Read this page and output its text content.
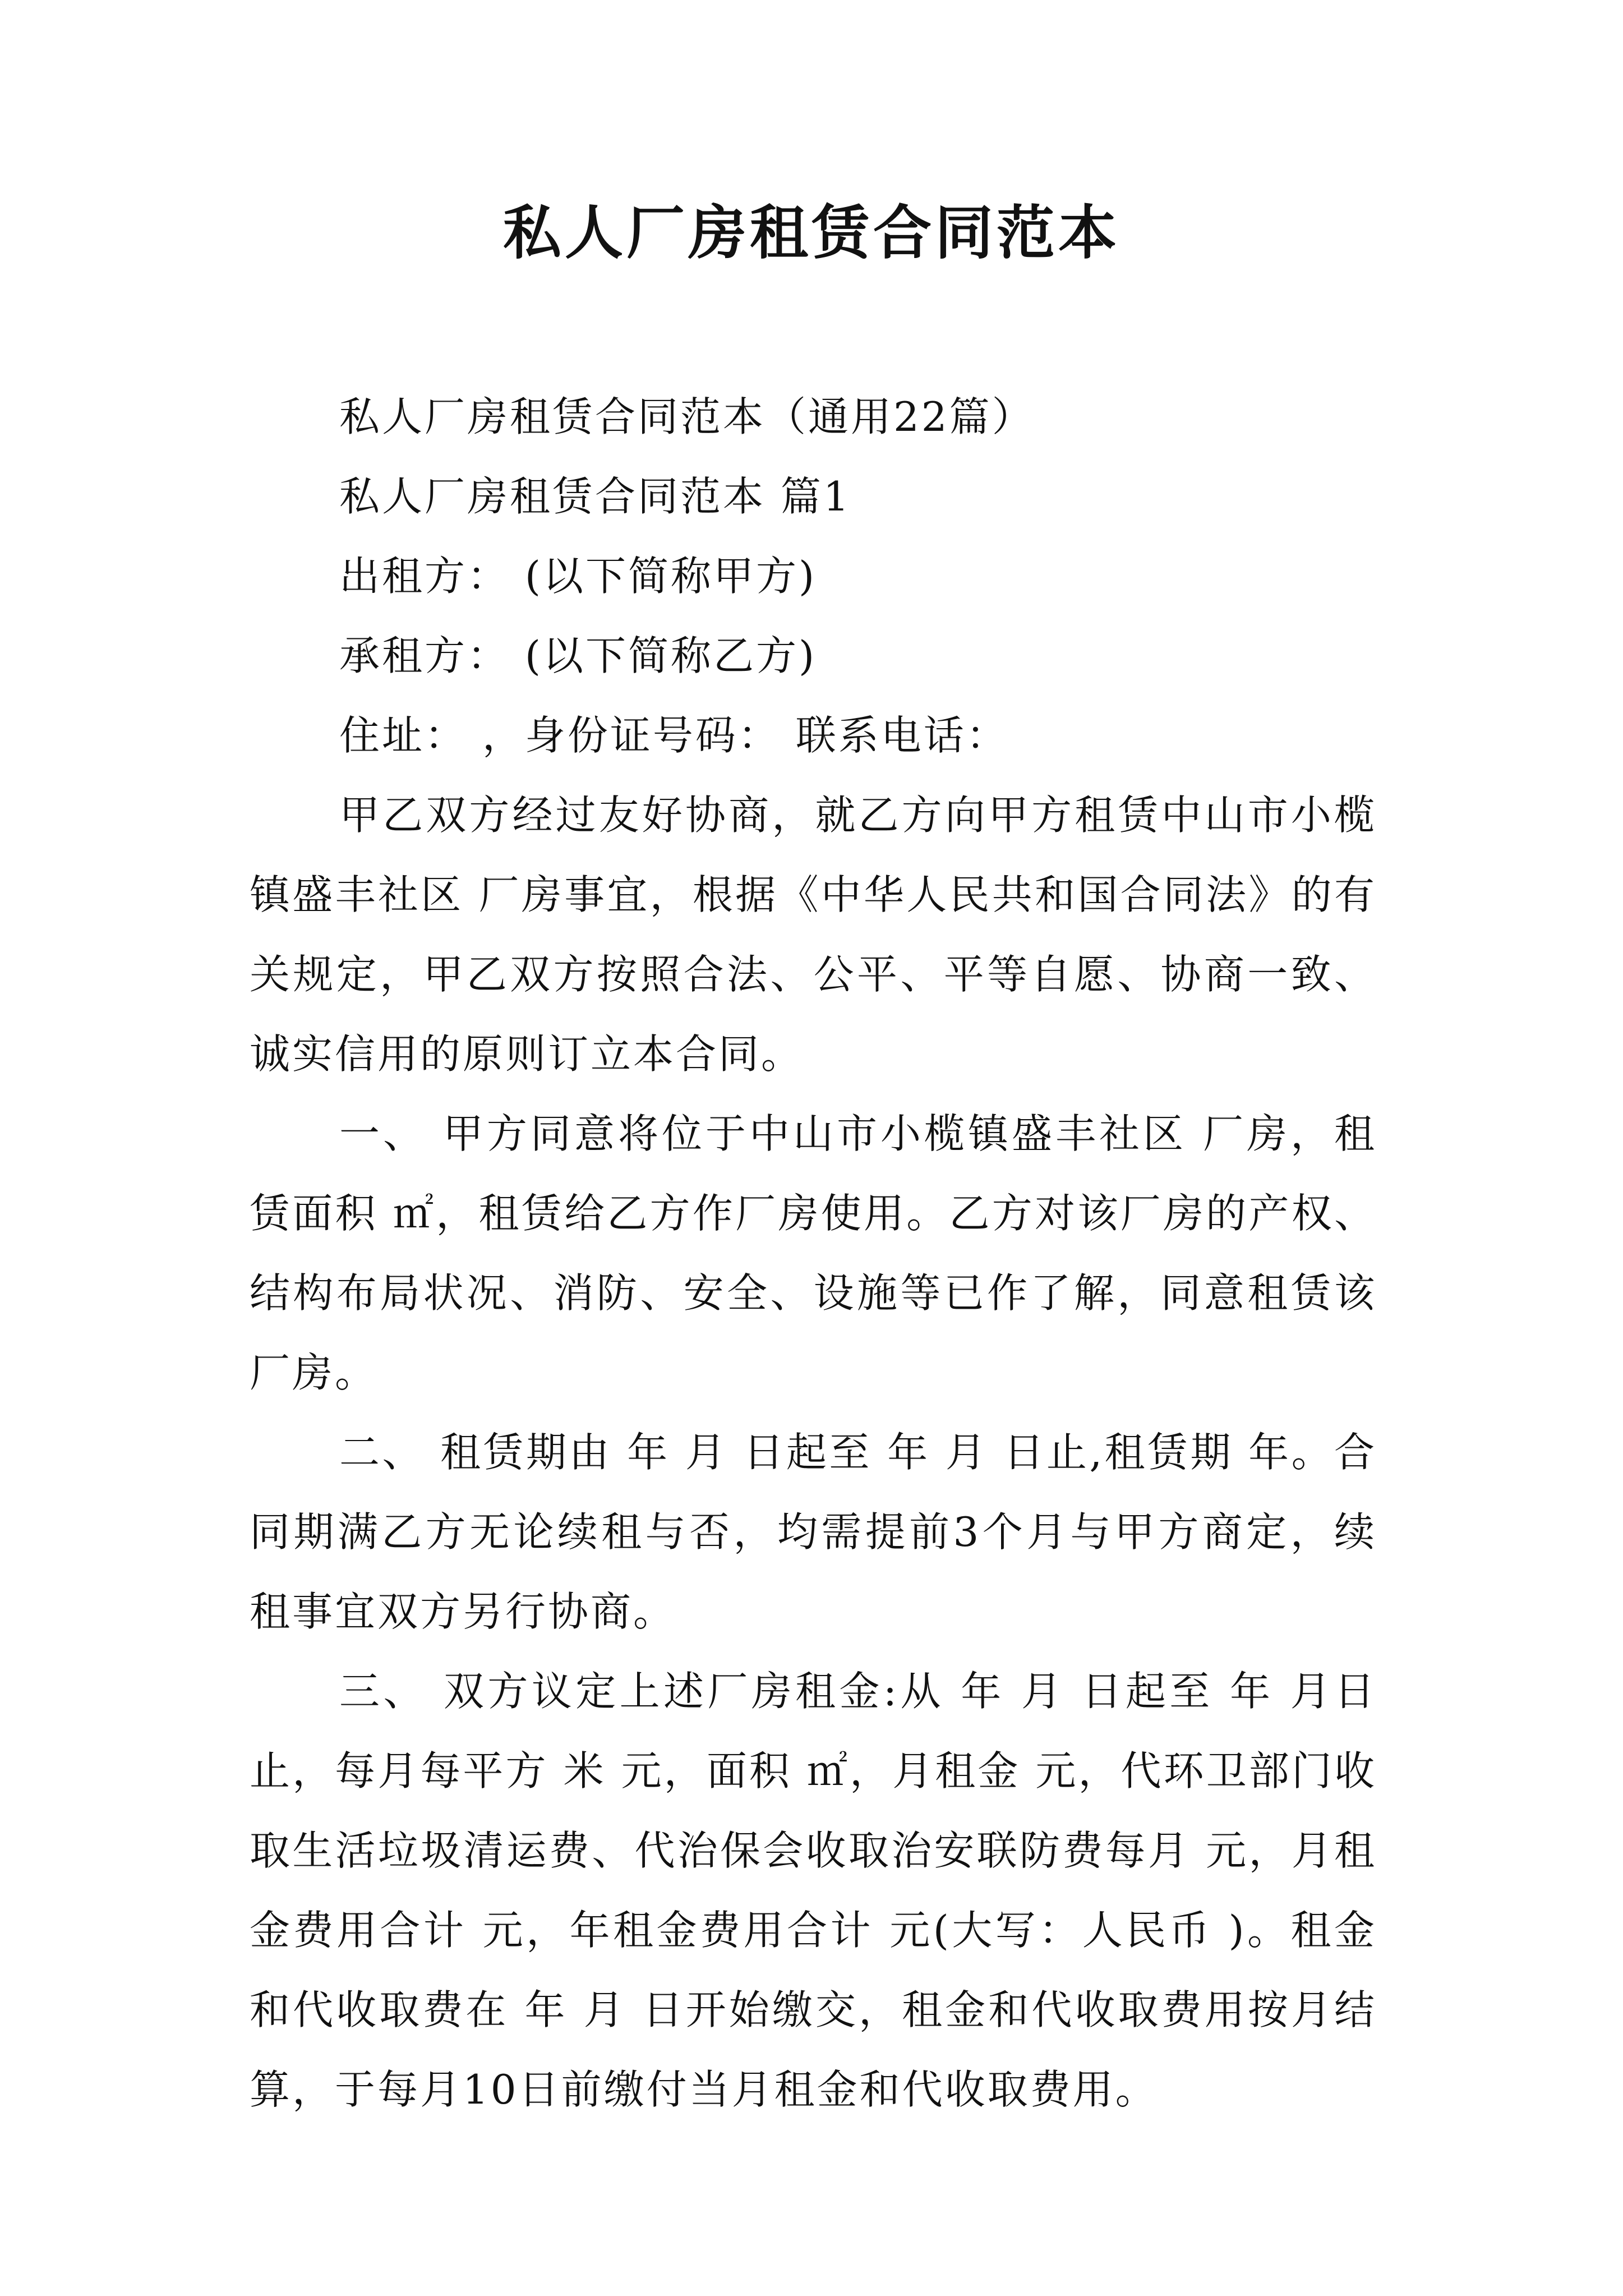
私人厂房租赁合同范本

私人厂房租赁合同范本（通用22篇）

私人厂房租赁合同范本 篇1

出租方： (以下简称甲方)

承租方： (以下简称乙方)

住址： ，身份证号码： 联系电话：

甲乙双方经过友好协商，就乙方向甲方租赁中山市小榄镇盛丰社区 厂房事宜，根据《中华人民共和国合同法》的有关规定，甲乙双方按照合法、公平、平等自愿、协商一致、诚实信用的原则订立本合同。

一、 甲方同意将位于中山市小榄镇盛丰社区 厂房，租赁面积 ㎡，租赁给乙方作厂房使用。乙方对该厂房的产权、结构布局状况、消防、安全、设施等已作了解，同意租赁该厂房。

二、 租赁期由 年 月 日起至 年 月 日止,租赁期 年。合同期满乙方无论续租与否，均需提前3个月与甲方商定，续租事宜双方另行协商。

三、 双方议定上述厂房租金:从 年 月 日起至 年 月日止，每月每平方 米 元，面积 ㎡，月租金 元，代环卫部门收取生活垃圾清运费、代治保会收取治安联防费每月 元，月租金费用合计 元，年租金费用合计 元(大写：人民币 )。租金和代收取费在 年 月 日开始缴交，租金和代收取费用按月结算，于每月10日前缴付当月租金和代收取费用。
